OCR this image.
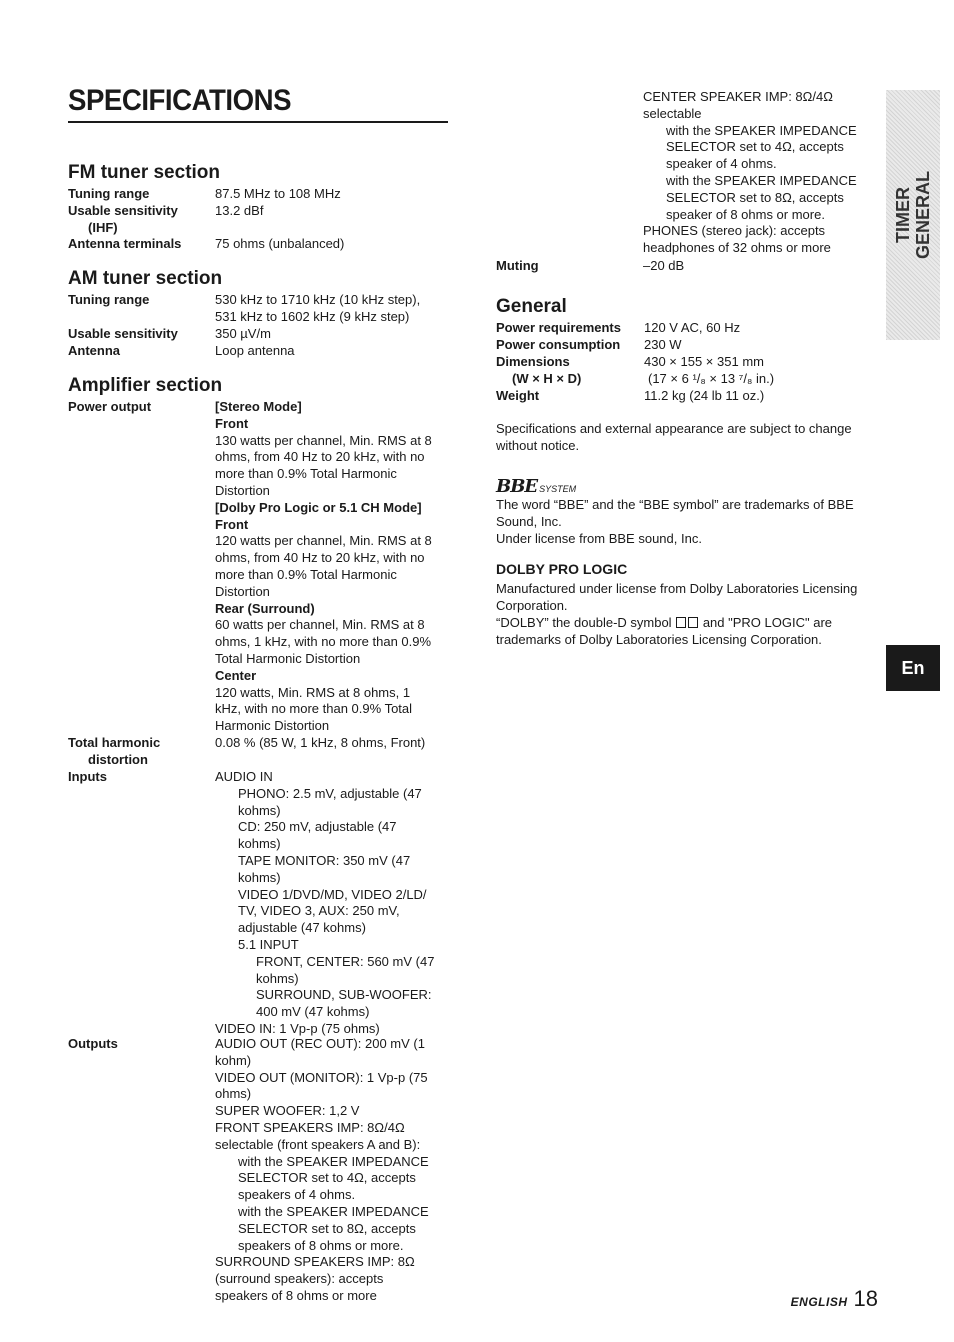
SPECIFICATIONS
FM tuner section
Tuning range	87.5 MHz to 108 MHz
Usable sensitivity	13.2 dBf
(IHF)
Antenna terminals	75 ohms (unbalanced)
AM tuner section
Tuning range	530 kHz to 1710 kHz (10 kHz step),
531 kHz to 1602 kHz (9 kHz step)
Usable sensitivity	350 µV/m
Antenna	Loop antenna
Amplifier section
Power output	[Stereo Mode]
Front
130 watts per channel, Min. RMS at 8
ohms, from 40 Hz to 20 kHz, with no
more than 0.9% Total Harmonic
Distortion
[Dolby Pro Logic or 5.1 CH Mode]
Front
120 watts per channel, Min. RMS at 8
ohms, from 40 Hz to 20 kHz, with no
more than 0.9% Total Harmonic
Distortion
Rear (Surround)
60 watts per channel, Min. RMS at 8
ohms, 1 kHz, with no more than 0.9%
Total Harmonic Distortion
Center
120 watts, Min. RMS at 8 ohms, 1
kHz, with no more than 0.9% Total
Harmonic Distortion
Total harmonic
distortion
0.08 % (85 W, 1 kHz, 8 ohms, Front)
Inputs	AUDIO IN
PHONO: 2.5 mV, adjustable (47
kohms)
CD: 250 mV, adjustable (47
kohms)
TAPE MONITOR: 350 mV (47
kohms)
VIDEO 1/DVD/MD, VIDEO 2/LD/
TV, VIDEO 3, AUX: 250 mV,
adjustable (47 kohms)
5.1 INPUT
FRONT, CENTER: 560 mV (47
kohms)
SURROUND, SUB-WOOFER:
400 mV (47 kohms)
VIDEO IN: 1 Vp-p (75 ohms)
Outputs	AUDIO OUT (REC OUT): 200 mV (1
kohm)
VIDEO OUT (MONITOR): 1 Vp-p (75
ohms)
SUPER WOOFER: 1,2 V
FRONT SPEAKERS IMP: 8Ω/4Ω
selectable (front speakers A and B):
with the SPEAKER IMPEDANCE
SELECTOR set to 4Ω, accepts
speakers of 4 ohms.
with the SPEAKER IMPEDANCE
SELECTOR set to 8Ω, accepts
speakers of 8 ohms or more.
SURROUND SPEAKERS IMP: 8Ω
(surround speakers): accepts
speakers of 8 ohms or more
CENTER SPEAKER IMP: 8Ω/4Ω
selectable
with the SPEAKER IMPEDANCE
SELECTOR set to 4Ω, accepts
speaker of 4 ohms.
with the SPEAKER IMPEDANCE
SELECTOR set to 8Ω, accepts
speaker of 8 ohms or more.
PHONES (stereo jack): accepts
headphones of 32 ohms or more
Muting	–20 dB
General
Power requirements 120 V AC, 60 Hz
Power consumption 230 W
Dimensions	430 × 155 × 351 mm
(W × H × D)	(17 × 6 ¹/₈ × 13 ⁷/₈ in.)
Weight	11.2 kg (24 lb 11 oz.)
Specifications and external appearance are subject to change
without notice.
BBE SYSTEM
The word “BBE” and the “BBE symbol” are trademarks of BBE
Sound, Inc.
Under license from BBE sound, Inc.
DOLBY PRO LOGIC
Manufactured under license from Dolby Laboratories Licensing
Corporation.
“DOLBY” the double-D symbol and "PRO LOGIC" are
trademarks of Dolby Laboratories Licensing Corporation.
TIMER
GENERAL
En
ENGLISH 18
